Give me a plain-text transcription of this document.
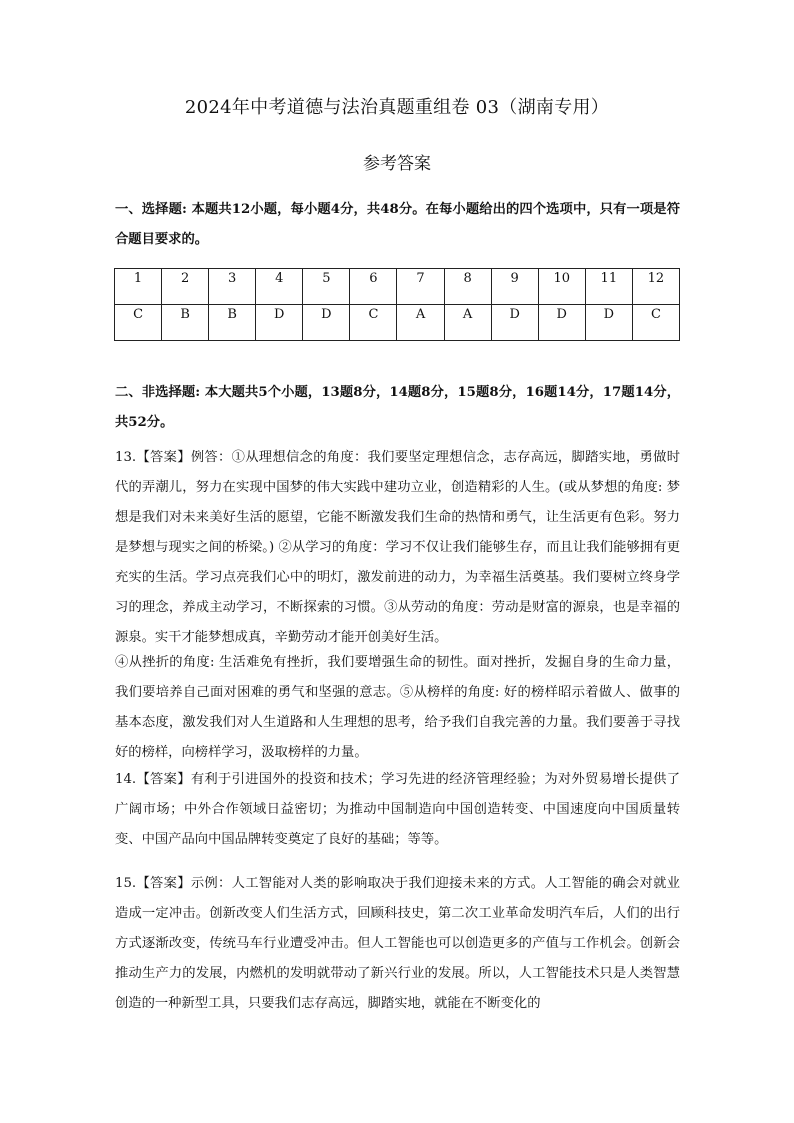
2024年中考道德与法治真题重组卷 03（湖南专用）
参考答案
一、选择题: 本题共12小题，每小题4分，共48分。在每小题给出的四个选项中，只有一项是符合题目要求的。
1	2	3	4	5	6	7	8	9	10	11	12
C	B	B	D	D	C	A	A	D	D	D	C
二、非选择题: 本大题共5个小题，13题8分，14题8分，15题8分，16题14分，17题14分，共52分。
13.【答案】例答：①从理想信念的角度：我们要坚定理想信念，志存高远，脚踏实地，勇做时代的弄潮儿，努力在实现中国梦的伟大实践中建功立业，创造精彩的人生。(或从梦想的角度: 梦想是我们对未来美好生活的愿望，它能不断激发我们生命的热情和勇气，让生活更有色彩。努力是梦想与现实之间的桥梁。) ②从学习的角度：学习不仅让我们能够生存，而且让我们能够拥有更充实的生活。学习点亮我们心中的明灯，激发前进的动力，为幸福生活奠基。我们要树立终身学习的理念，养成主动学习，不断探索的习惯。③从劳动的角度：劳动是财富的源泉，也是幸福的源泉。实干才能梦想成真，辛勤劳动才能开创美好生活。
④从挫折的角度: 生活难免有挫折，我们要增强生命的韧性。面对挫折，发掘自身的生命力量，我们要培养自己面对困难的勇气和坚强的意志。⑤从榜样的角度: 好的榜样昭示着做人、做事的基本态度，激发我们对人生道路和人生理想的思考，给予我们自我完善的力量。我们要善于寻找好的榜样，向榜样学习，汲取榜样的力量。
14.【答案】有利于引进国外的投资和技术；学习先进的经济管理经验；为对外贸易增长提供了广阔市场；中外合作领域日益密切；为推动中国制造向中国创造转变、中国速度向中国质量转变、中国产品向中国品牌转变奠定了良好的基础；等等。
15.【答案】示例：人工智能对人类的影响取决于我们迎接未来的方式。人工智能的确会对就业造成一定冲击。创新改变人们生活方式，回顾科技史，第二次工业革命发明汽车后，人们的出行方式逐渐改变，传统马车行业遭受冲击。但人工智能也可以创造更多的产值与工作机会。创新会推动生产力的发展，内燃机的发明就带动了新兴行业的发展。所以，人工智能技术只是人类智慧创造的一种新型工具，只要我们志存高远，脚踏实地，就能在不断变化的
